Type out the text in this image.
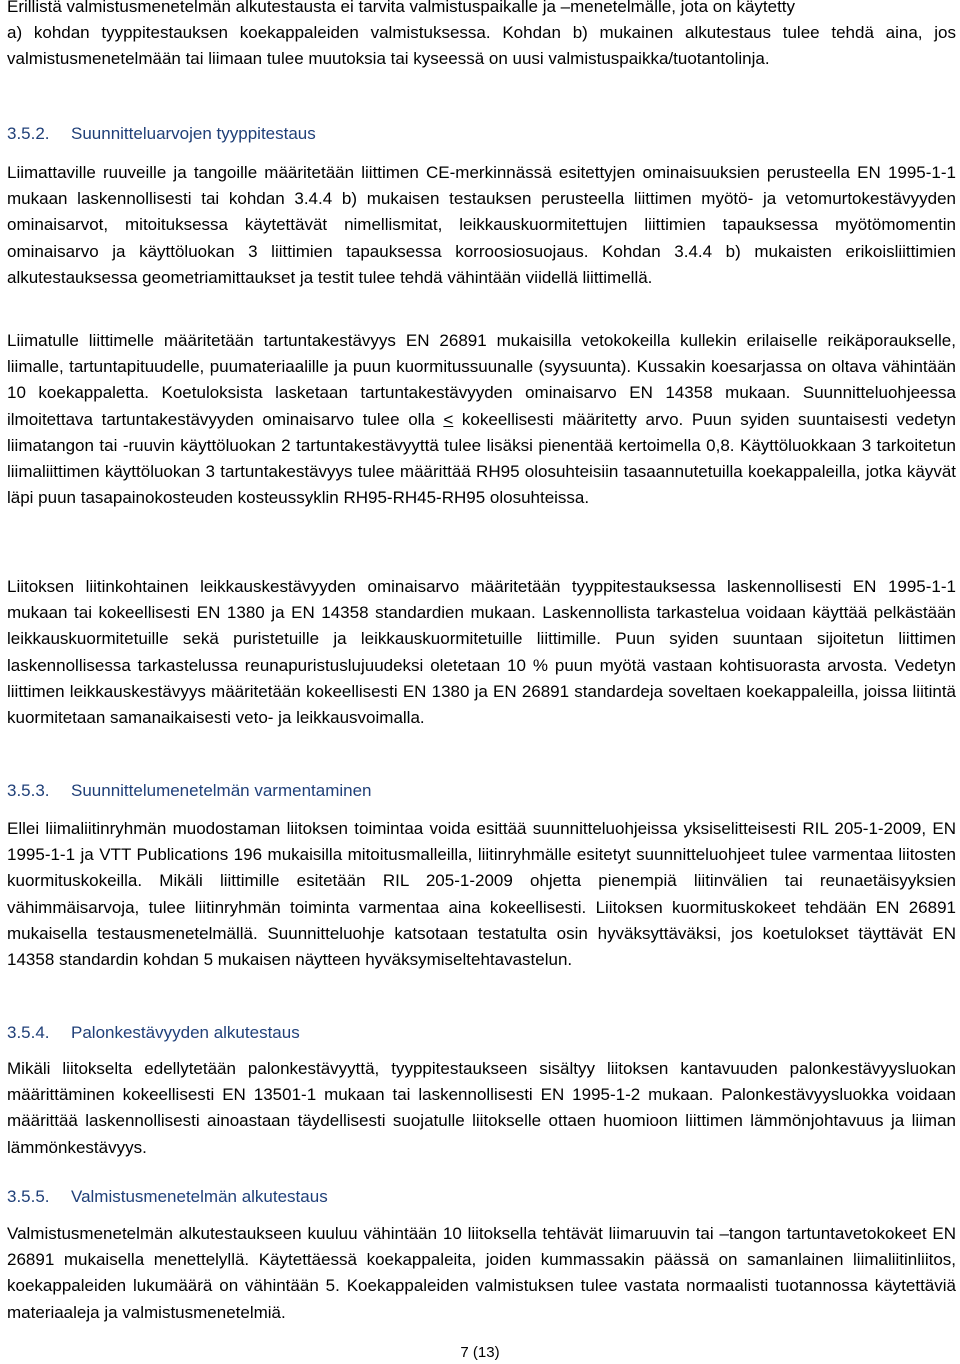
Erillistä valmistusmenetelmän alkutestausta ei tarvita valmistuspaikalle ja –menetelmälle, jota on käytetty

a) kohdan tyyppitestauksen koekappaleiden valmistuksessa. Kohdan b) mukainen alkutestaus tulee tehdä aina, jos valmistusmenetelmään tai liimaan tulee muutoksia tai kyseessä on uusi valmistuspaikka/tuotantolinja.

3.5.2.	Suunnitteluarvojen tyyppitestaus

Liimattaville ruuveille ja tangoille määritetään liittimen CE-merkinnässä esitettyjen ominaisuuksien perusteella EN 1995-1-1 mukaan laskennollisesti tai kohdan 3.4.4 b) mukaisen testauksen perusteella liittimen myötö- ja vetomurtokestävyyden ominaisarvot, mitoituksessa käytettävät nimellismitat, leikkauskuormitettujen liittimien tapauksessa myötömomentin ominaisarvo ja käyttöluokan 3 liittimien tapauksessa korroosiosuojaus. Kohdan 3.4.4 b) mukaisten erikoisliittimien alkutestauksessa geometriamittaukset ja testit tulee tehdä vähintään viidellä liittimellä.

Liimatulle liittimelle määritetään tartuntakestävyys EN 26891 mukaisilla vetokokeilla kullekin erilaiselle reikäporaukselle, liimalle, tartuntapituudelle, puumateriaalille ja puun kuormitussuunalle (syysuunta). Kussakin koesarjassa on oltava vähintään 10 koekappaletta. Koetuloksista lasketaan tartuntakestävyyden ominaisarvo EN 14358 mukaan. Suunnitteluohjeessa ilmoitettava tartuntakestävyyden ominaisarvo tulee olla < kokeellisesti määritetty arvo. Puun syiden suuntaisesti vedetyn liimatangon tai -ruuvin käyttöluokan 2 tartuntakestävyyttä tulee lisäksi pienentää kertoimella 0,8. Käyttöluokkaan 3 tarkoitetun liimaliittimen käyttöluokan 3 tartuntakestävyys tulee määrittää RH95 olosuhteisiin tasaannutetuilla koekappaleilla, jotka käyvät läpi puun tasapainokosteuden kosteussyklin RH95-RH45-RH95 olosuhteissa.

Liitoksen liitinkohtainen leikkauskestävyyden ominaisarvo määritetään tyyppitestauksessa laskennollisesti EN 1995-1-1 mukaan tai kokeellisesti EN 1380 ja EN 14358 standardien mukaan. Laskennollista tarkastelua voidaan käyttää pelkästään leikkauskuormitetuille sekä puristetuille ja leikkauskuormitetuille liittimille. Puun syiden suuntaan sijoitetun liittimen laskennollisessa tarkastelussa reunapuristuslujuudeksi oletetaan 10 % puun myötä vastaan kohtisuorasta arvosta. Vedetyn liittimen leikkauskestävyys määritetään kokeellisesti EN 1380 ja EN 26891 standardeja soveltaen koekappaleilla, joissa liitintä kuormitetaan samanaikaisesti veto- ja leikkausvoimalla.

3.5.3.	Suunnittelumenetelmän varmentaminen

Ellei liimaliitinryhmän muodostaman liitoksen toimintaa voida esittää suunnitteluohjeissa yksiselitteisesti RIL 205-1-2009, EN 1995-1-1 ja VTT Publications 196 mukaisilla mitoitusmalleilla, liitinryhmälle esitetyt suunnitteluohjeet tulee varmentaa liitosten kuormituskokeilla. Mikäli liittimille esitetään RIL 205-1-2009 ohjetta pienempiä liitinvälien tai reunaetäisyyksien vähimmäisarvoja, tulee liitinryhmän toiminta varmentaa aina kokeellisesti. Liitoksen kuormituskokeet tehdään EN 26891 mukaisella testausmenetelmällä. Suunnitteluohje katsotaan testatulta osin hyväksyttäväksi, jos koetulokset täyttävät EN 14358 standardin kohdan 5 mukaisen näytteen hyväksymiseltehtavastelun.

3.5.4.	Palonkestävyyden alkutestaus

Mikäli liitokselta edellytetään palonkestävyyttä, tyyppitestaukseen sisältyy liitoksen kantavuuden palonkestävyysluokan määrittäminen kokeellisesti EN 13501-1 mukaan tai laskennollisesti EN 1995-1-2 mukaan. Palonkestävyysluokka voidaan määrittää laskennollisesti ainoastaan täydellisesti suojatulle liitokselle ottaen huomioon liittimen lämmönjohtavuus ja liiman lämmönkestävyys.

3.5.5.	Valmistusmenetelmän alkutestaus

Valmistusmenetelmän alkutestaukseen kuuluu vähintään 10 liitoksella tehtävät liimaruuvin tai –tangon tartuntavetokokeet EN 26891 mukaisella menettelyllä. Käytettäessä koekappaleita, joiden kummassakin päässä on samanlainen liimaliitinliitos, koekappaleiden lukumäärä on vähintään 5. Koekappaleiden valmistuksen tulee vastata normaalisti tuotannossa käytettäviä materiaaleja ja valmistusmenetelmiä.

7 (13)
